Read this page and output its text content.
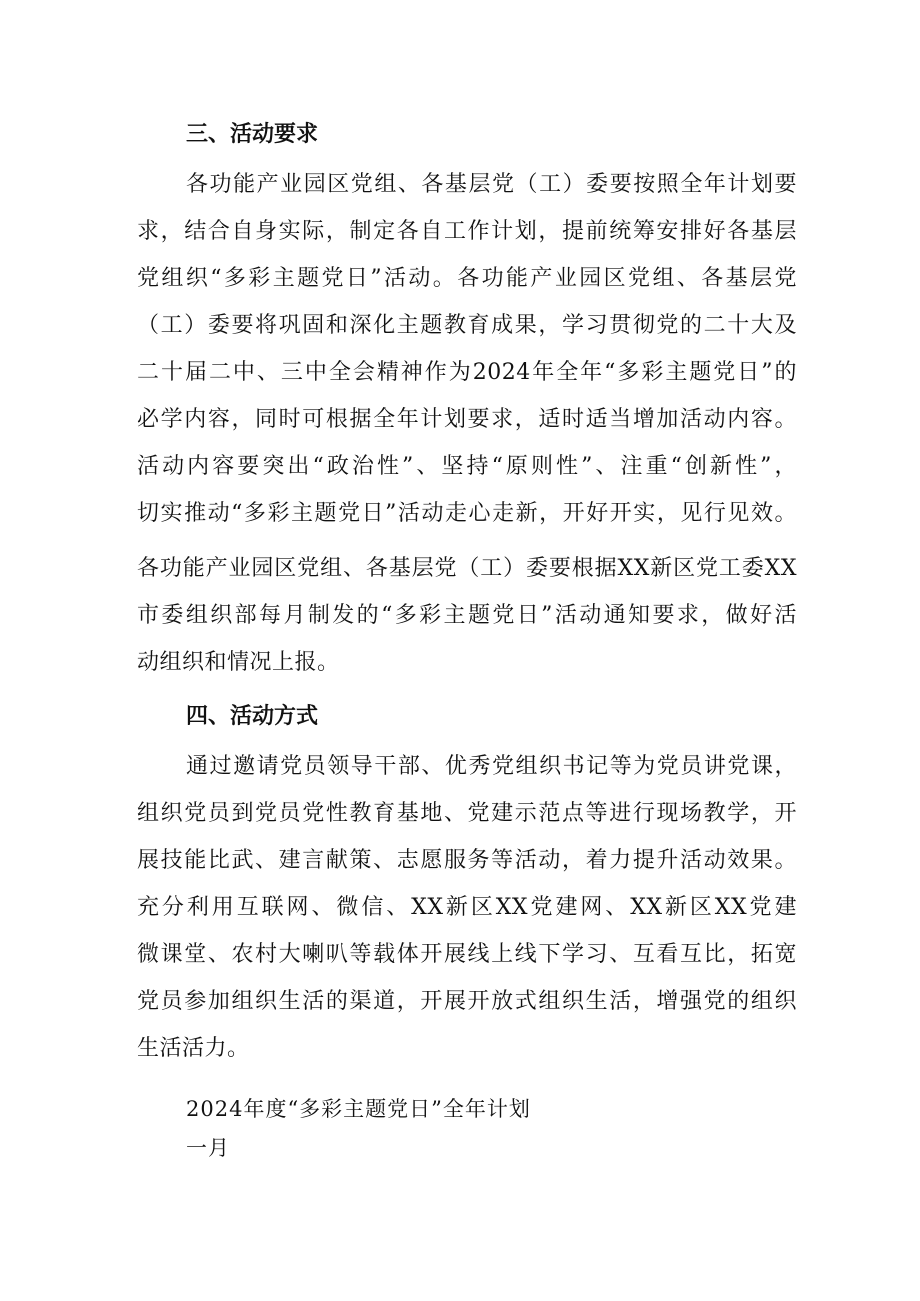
三、活动要求
各功能产业园区党组、各基层党（工）委要按照全年计划要
求，结合自身实际，制定各自工作计划，提前统筹安排好各基层
党组织“多彩主题党日”活动。各功能产业园区党组、各基层党
（工）委要将巩固和深化主题教育成果，学习贯彻党的二十大及
二十届二中、三中全会精神作为2024年全年“多彩主题党日”的
必学内容，同时可根据全年计划要求，适时适当增加活动内容。
活动内容要突出“政治性”、坚持“原则性”、注重“创新性”，
切实推动“多彩主题党日”活动走心走新，开好开实，见行见效。
各功能产业园区党组、各基层党（工）委要根据XX新区党工委XX
市委组织部每月制发的“多彩主题党日”活动通知要求，做好活
动组织和情况上报。
四、活动方式
通过邀请党员领导干部、优秀党组织书记等为党员讲党课，
组织党员到党员党性教育基地、党建示范点等进行现场教学，开
展技能比武、建言献策、志愿服务等活动，着力提升活动效果。
充分利用互联网、微信、XX新区XX党建网、XX新区XX党建
微课堂、农村大喇叭等载体开展线上线下学习、互看互比，拓宽
党员参加组织生活的渠道，开展开放式组织生活，增强党的组织
生活活力。
2024年度“多彩主题党日”全年计划
一月
